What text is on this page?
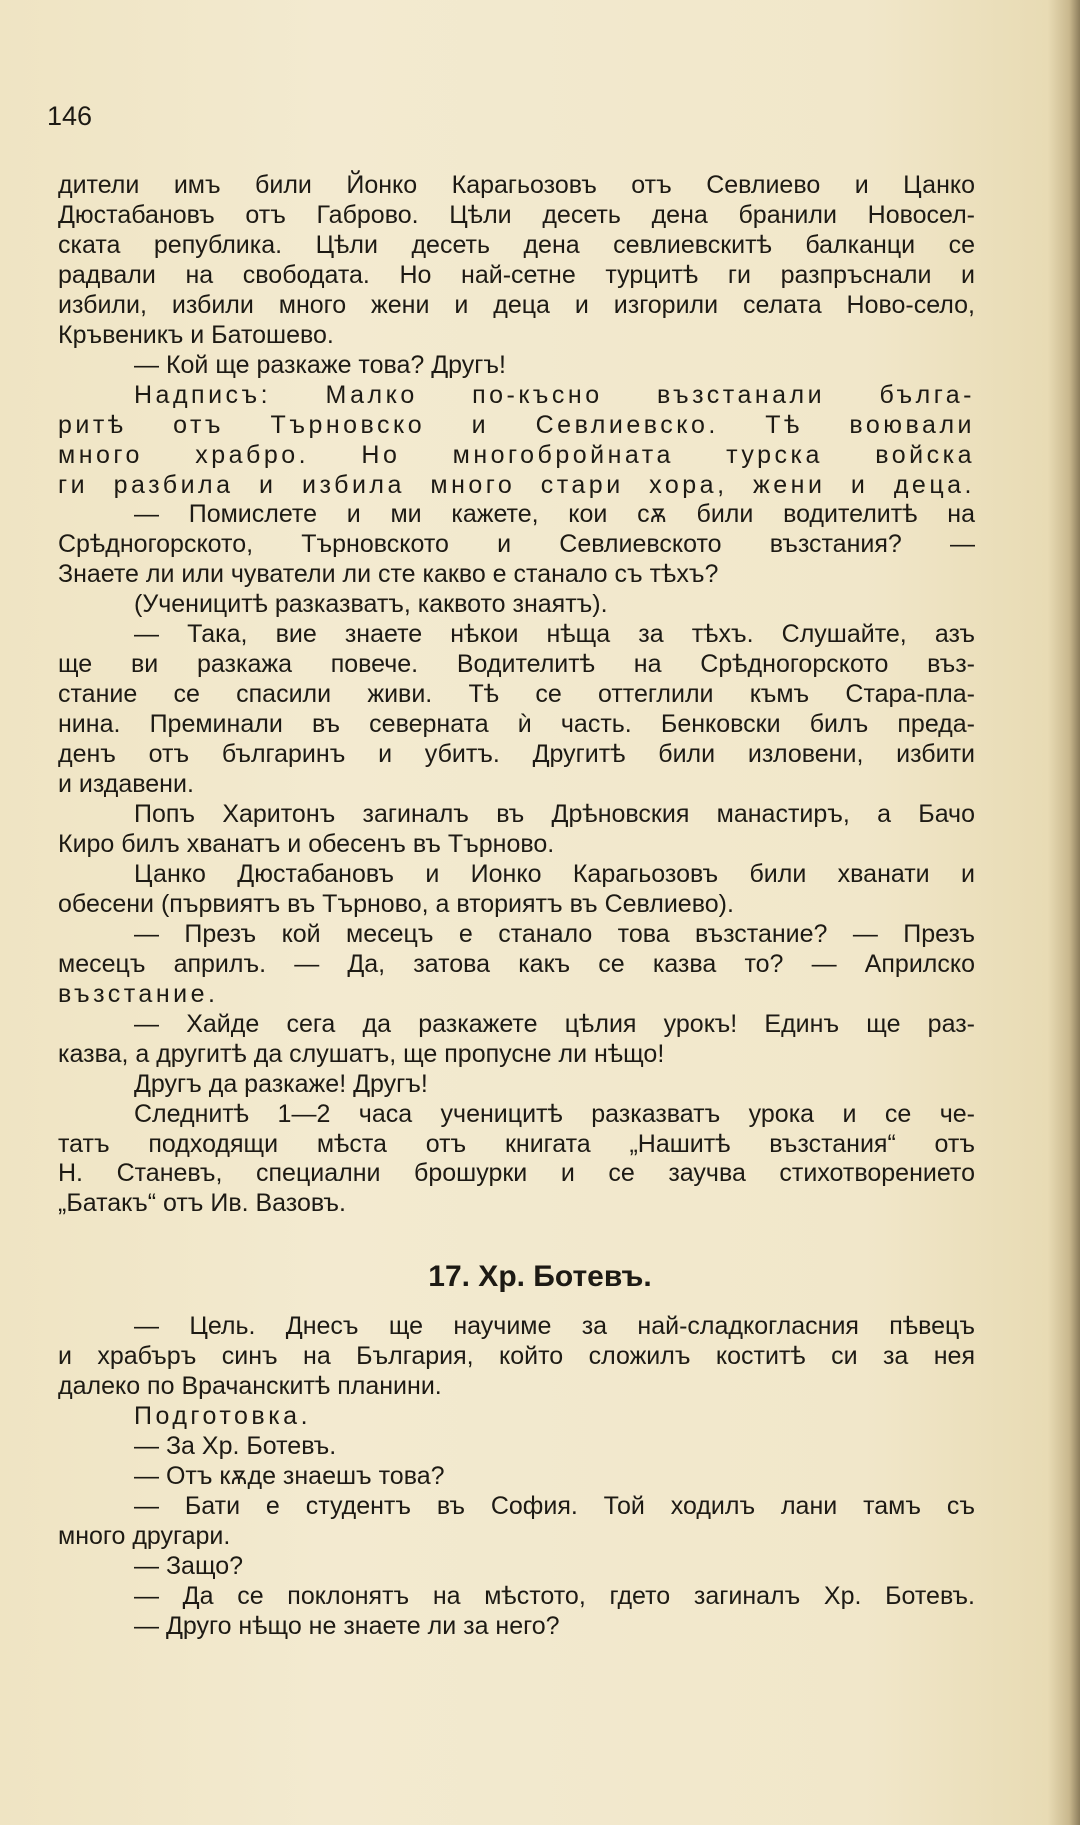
146
дители имъ били Йонко Карагьозовъ отъ Севлиево и Цанко
Дюстабановъ отъ Габрово. Цѣли десеть дена бранили Новосел-
ската република. Цѣли десеть дена севлиевскитѣ балканци се
радвали на свободата. Но най-сетне турцитѣ ги разпръснали и
избили, избили много жени и деца и изгорили селата Ново-село,
Кръвеникъ и Батошево.
— Кой ще разкаже това? Другъ!
Надписъ: Малко по-късно възстанали бълга-
ритѣ отъ Търновско и Севлиевско. Тѣ воювали
много храбро. Но многобройната турска войска
ги разбила и избила много стари хора, жени и деца.
— Помислете и ми кажете, кои сѫ били водителитѣ на
Срѣдногорското, Търновското и Севлиевското възстания? —
Знаете ли или чуватели ли сте какво е станало съ тѣхъ?
(Ученицитѣ разказватъ, каквото знаятъ).
— Така, вие знаете нѣкои нѣща за тѣхъ. Слушайте, азъ
ще ви разкажа повече. Водителитѣ на Срѣдногорското въз-
стание се спасили живи. Тѣ се оттеглили къмъ Стара-пла-
нина. Преминали въ северната ѝ часть. Бенковски билъ преда-
денъ отъ българинъ и убитъ. Другитѣ били изловени, избити
и издавени.
Попъ Харитонъ загиналъ въ Дрѣновския манастиръ, а Бачо
Киро билъ хванатъ и обесенъ въ Търново.
Цанко Дюстабановъ и Ионко Карагьозовъ били хванати и
обесени (първиятъ въ Търново, а вториятъ въ Севлиево).
— Презъ кой месецъ е станало това възстание? — Презъ
месецъ априлъ. — Да, затова какъ се казва то? — Априлско
възстание.
— Хайде сега да разкажете цѣлия урокъ! Единъ ще раз-
казва, а другитѣ да слушатъ, ще пропусне ли нѣщо!
Другъ да разкаже! Другъ!
Следнитѣ 1—2 часа ученицитѣ разказватъ урока и се че-
татъ подходящи мѣста отъ книгата „Нашитѣ възстания“ отъ
Н. Станевъ, специални брошурки и се заучва стихотворението
„Батакъ“ отъ Ив. Вазовъ.
17. Хр. Ботевъ.
— Цель. Днесъ ще научиме за най-сладкогласния пѣвецъ
и храбъръ синъ на България, който сложилъ коститѣ си за нея
далеко по Врачанскитѣ планини.
Подготовка.
— За Хр. Ботевъ.
— Отъ кѫде знаешъ това?
— Бати е студентъ въ София. Той ходилъ лани тамъ съ
много другари.
— Защо?
— Да се поклонятъ на мѣстото, гдето загиналъ Хр. Ботевъ.
— Друго нѣщо не знаете ли за него?
